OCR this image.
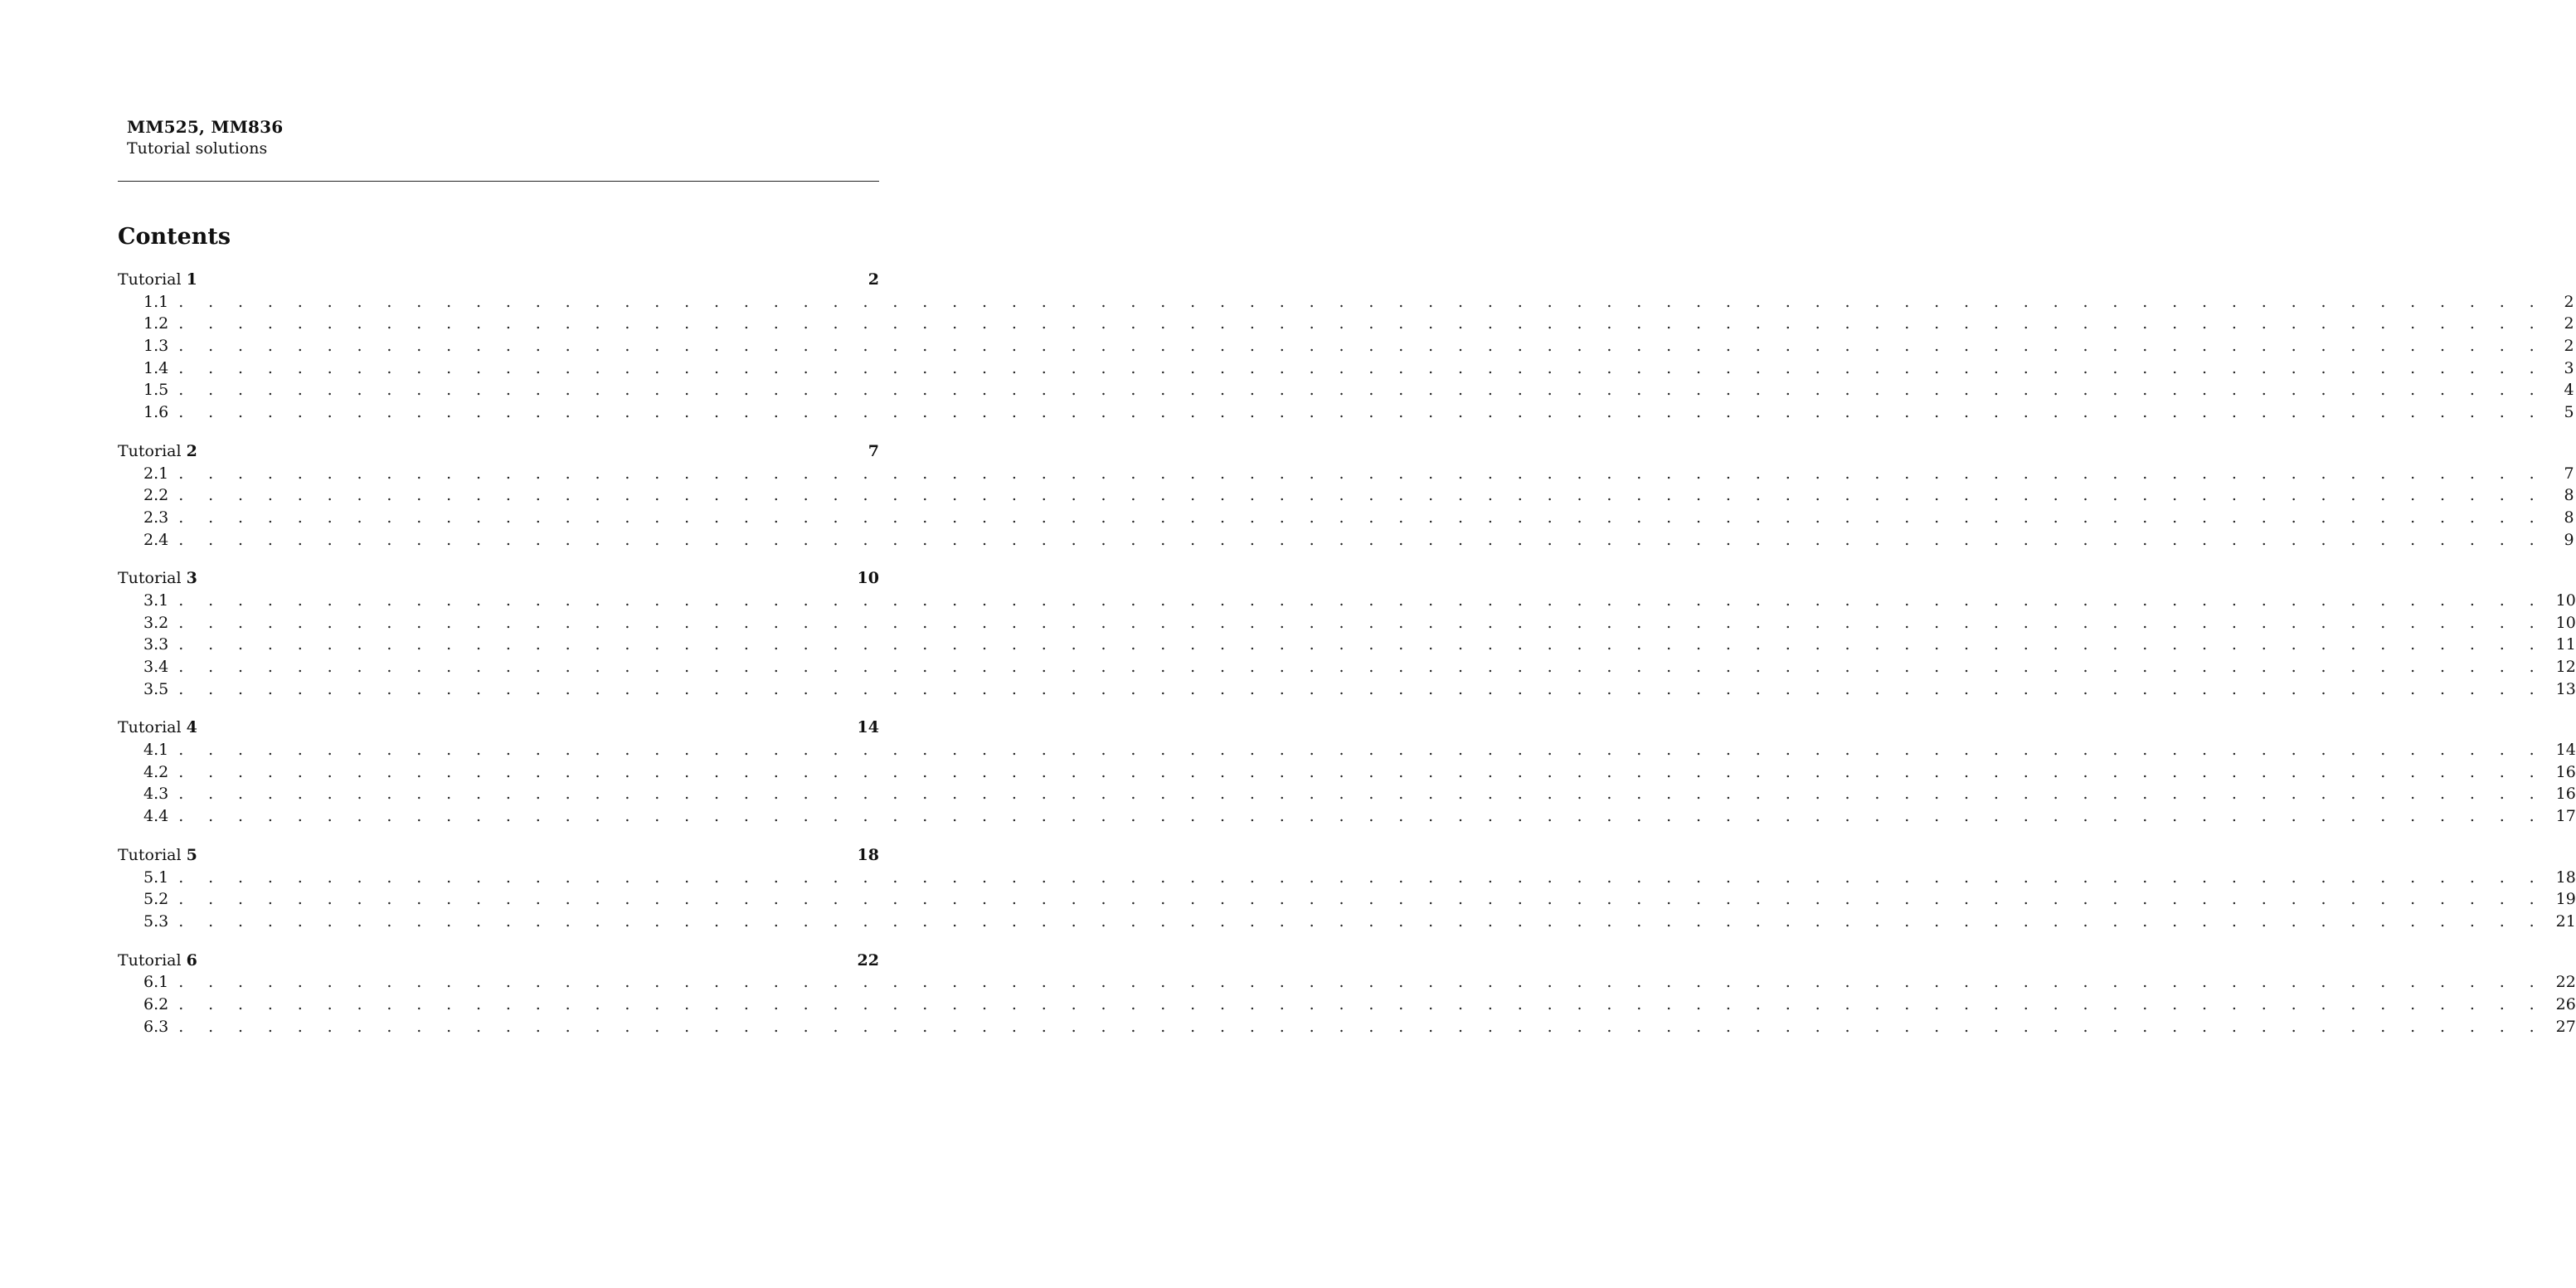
MM525, MM836
Tutorial solutions
Contents
Tutorial 1	2
1.1 . . . . . . . . . . . . . . . . . . . . . . . . . . . . . . . . . . . . . . . . . . . . . . . . . . . . . . . . . . . . . . . . . . . . . . . . . . . . . . . .	2
1.2 . . . . . . . . . . . . . . . . . . . . . . . . . . . . . . . . . . . . . . . . . . . . . . . . . . . . . . . . . . . . . . . . . . . . . . . . . . . . . . . .	2
1.3 . . . . . . . . . . . . . . . . . . . . . . . . . . . . . . . . . . . . . . . . . . . . . . . . . . . . . . . . . . . . . . . . . . . . . . . . . . . . . . . .	2
1.4 . . . . . . . . . . . . . . . . . . . . . . . . . . . . . . . . . . . . . . . . . . . . . . . . . . . . . . . . . . . . . . . . . . . . . . . . . . . . . . . .	3
1.5 . . . . . . . . . . . . . . . . . . . . . . . . . . . . . . . . . . . . . . . . . . . . . . . . . . . . . . . . . . . . . . . . . . . . . . . . . . . . . . . .	4
1.6 . . . . . . . . . . . . . . . . . . . . . . . . . . . . . . . . . . . . . . . . . . . . . . . . . . . . . . . . . . . . . . . . . . . . . . . . . . . . . . . .	5
Tutorial 2	7
2.1 . . . . . . . . . . . . . . . . . . . . . . . . . . . . . . . . . . . . . . . . . . . . . . . . . . . . . . . . . . . . . . . . . . . . . . . . . . . . . . . .	7
2.2 . . . . . . . . . . . . . . . . . . . . . . . . . . . . . . . . . . . . . . . . . . . . . . . . . . . . . . . . . . . . . . . . . . . . . . . . . . . . . . . .	8
2.3 . . . . . . . . . . . . . . . . . . . . . . . . . . . . . . . . . . . . . . . . . . . . . . . . . . . . . . . . . . . . . . . . . . . . . . . . . . . . . . . .	8
2.4 . . . . . . . . . . . . . . . . . . . . . . . . . . . . . . . . . . . . . . . . . . . . . . . . . . . . . . . . . . . . . . . . . . . . . . . . . . . . . . . .	9
Tutorial 3	10
3.1 . . . . . . . . . . . . . . . . . . . . . . . . . . . . . . . . . . . . . . . . . . . . . . . . . . . . . . . . . . . . . . . . . . . . . . . . . . . . . . . . 10
3.2 . . . . . . . . . . . . . . . . . . . . . . . . . . . . . . . . . . . . . . . . . . . . . . . . . . . . . . . . . . . . . . . . . . . . . . . . . . . . . . . . 10
3.3 . . . . . . . . . . . . . . . . . . . . . . . . . . . . . . . . . . . . . . . . . . . . . . . . . . . . . . . . . . . . . . . . . . . . . . . . . . . . . . . . 11
3.4 . . . . . . . . . . . . . . . . . . . . . . . . . . . . . . . . . . . . . . . . . . . . . . . . . . . . . . . . . . . . . . . . . . . . . . . . . . . . . . . . 12
3.5 . . . . . . . . . . . . . . . . . . . . . . . . . . . . . . . . . . . . . . . . . . . . . . . . . . . . . . . . . . . . . . . . . . . . . . . . . . . . . . . . 13
Tutorial 4	14
4.1 . . . . . . . . . . . . . . . . . . . . . . . . . . . . . . . . . . . . . . . . . . . . . . . . . . . . . . . . . . . . . . . . . . . . . . . . . . . . . . . . 14
4.2 . . . . . . . . . . . . . . . . . . . . . . . . . . . . . . . . . . . . . . . . . . . . . . . . . . . . . . . . . . . . . . . . . . . . . . . . . . . . . . . . 16
4.3 . . . . . . . . . . . . . . . . . . . . . . . . . . . . . . . . . . . . . . . . . . . . . . . . . . . . . . . . . . . . . . . . . . . . . . . . . . . . . . . . 16
4.4 . . . . . . . . . . . . . . . . . . . . . . . . . . . . . . . . . . . . . . . . . . . . . . . . . . . . . . . . . . . . . . . . . . . . . . . . . . . . . . . . 17
Tutorial 5	18
5.1 . . . . . . . . . . . . . . . . . . . . . . . . . . . . . . . . . . . . . . . . . . . . . . . . . . . . . . . . . . . . . . . . . . . . . . . . . . . . . . . . 18
5.2 . . . . . . . . . . . . . . . . . . . . . . . . . . . . . . . . . . . . . . . . . . . . . . . . . . . . . . . . . . . . . . . . . . . . . . . . . . . . . . . . 19
5.3 . . . . . . . . . . . . . . . . . . . . . . . . . . . . . . . . . . . . . . . . . . . . . . . . . . . . . . . . . . . . . . . . . . . . . . . . . . . . . . . . 21
Tutorial 6	22
6.1 . . . . . . . . . . . . . . . . . . . . . . . . . . . . . . . . . . . . . . . . . . . . . . . . . . . . . . . . . . . . . . . . . . . . . . . . . . . . . . . . 22
6.2 . . . . . . . . . . . . . . . . . . . . . . . . . . . . . . . . . . . . . . . . . . . . . . . . . . . . . . . . . . . . . . . . . . . . . . . . . . . . . . . . 26
6.3 . . . . . . . . . . . . . . . . . . . . . . . . . . . . . . . . . . . . . . . . . . . . . . . . . . . . . . . . . . . . . . . . . . . . . . . . . . . . . . . . 27
